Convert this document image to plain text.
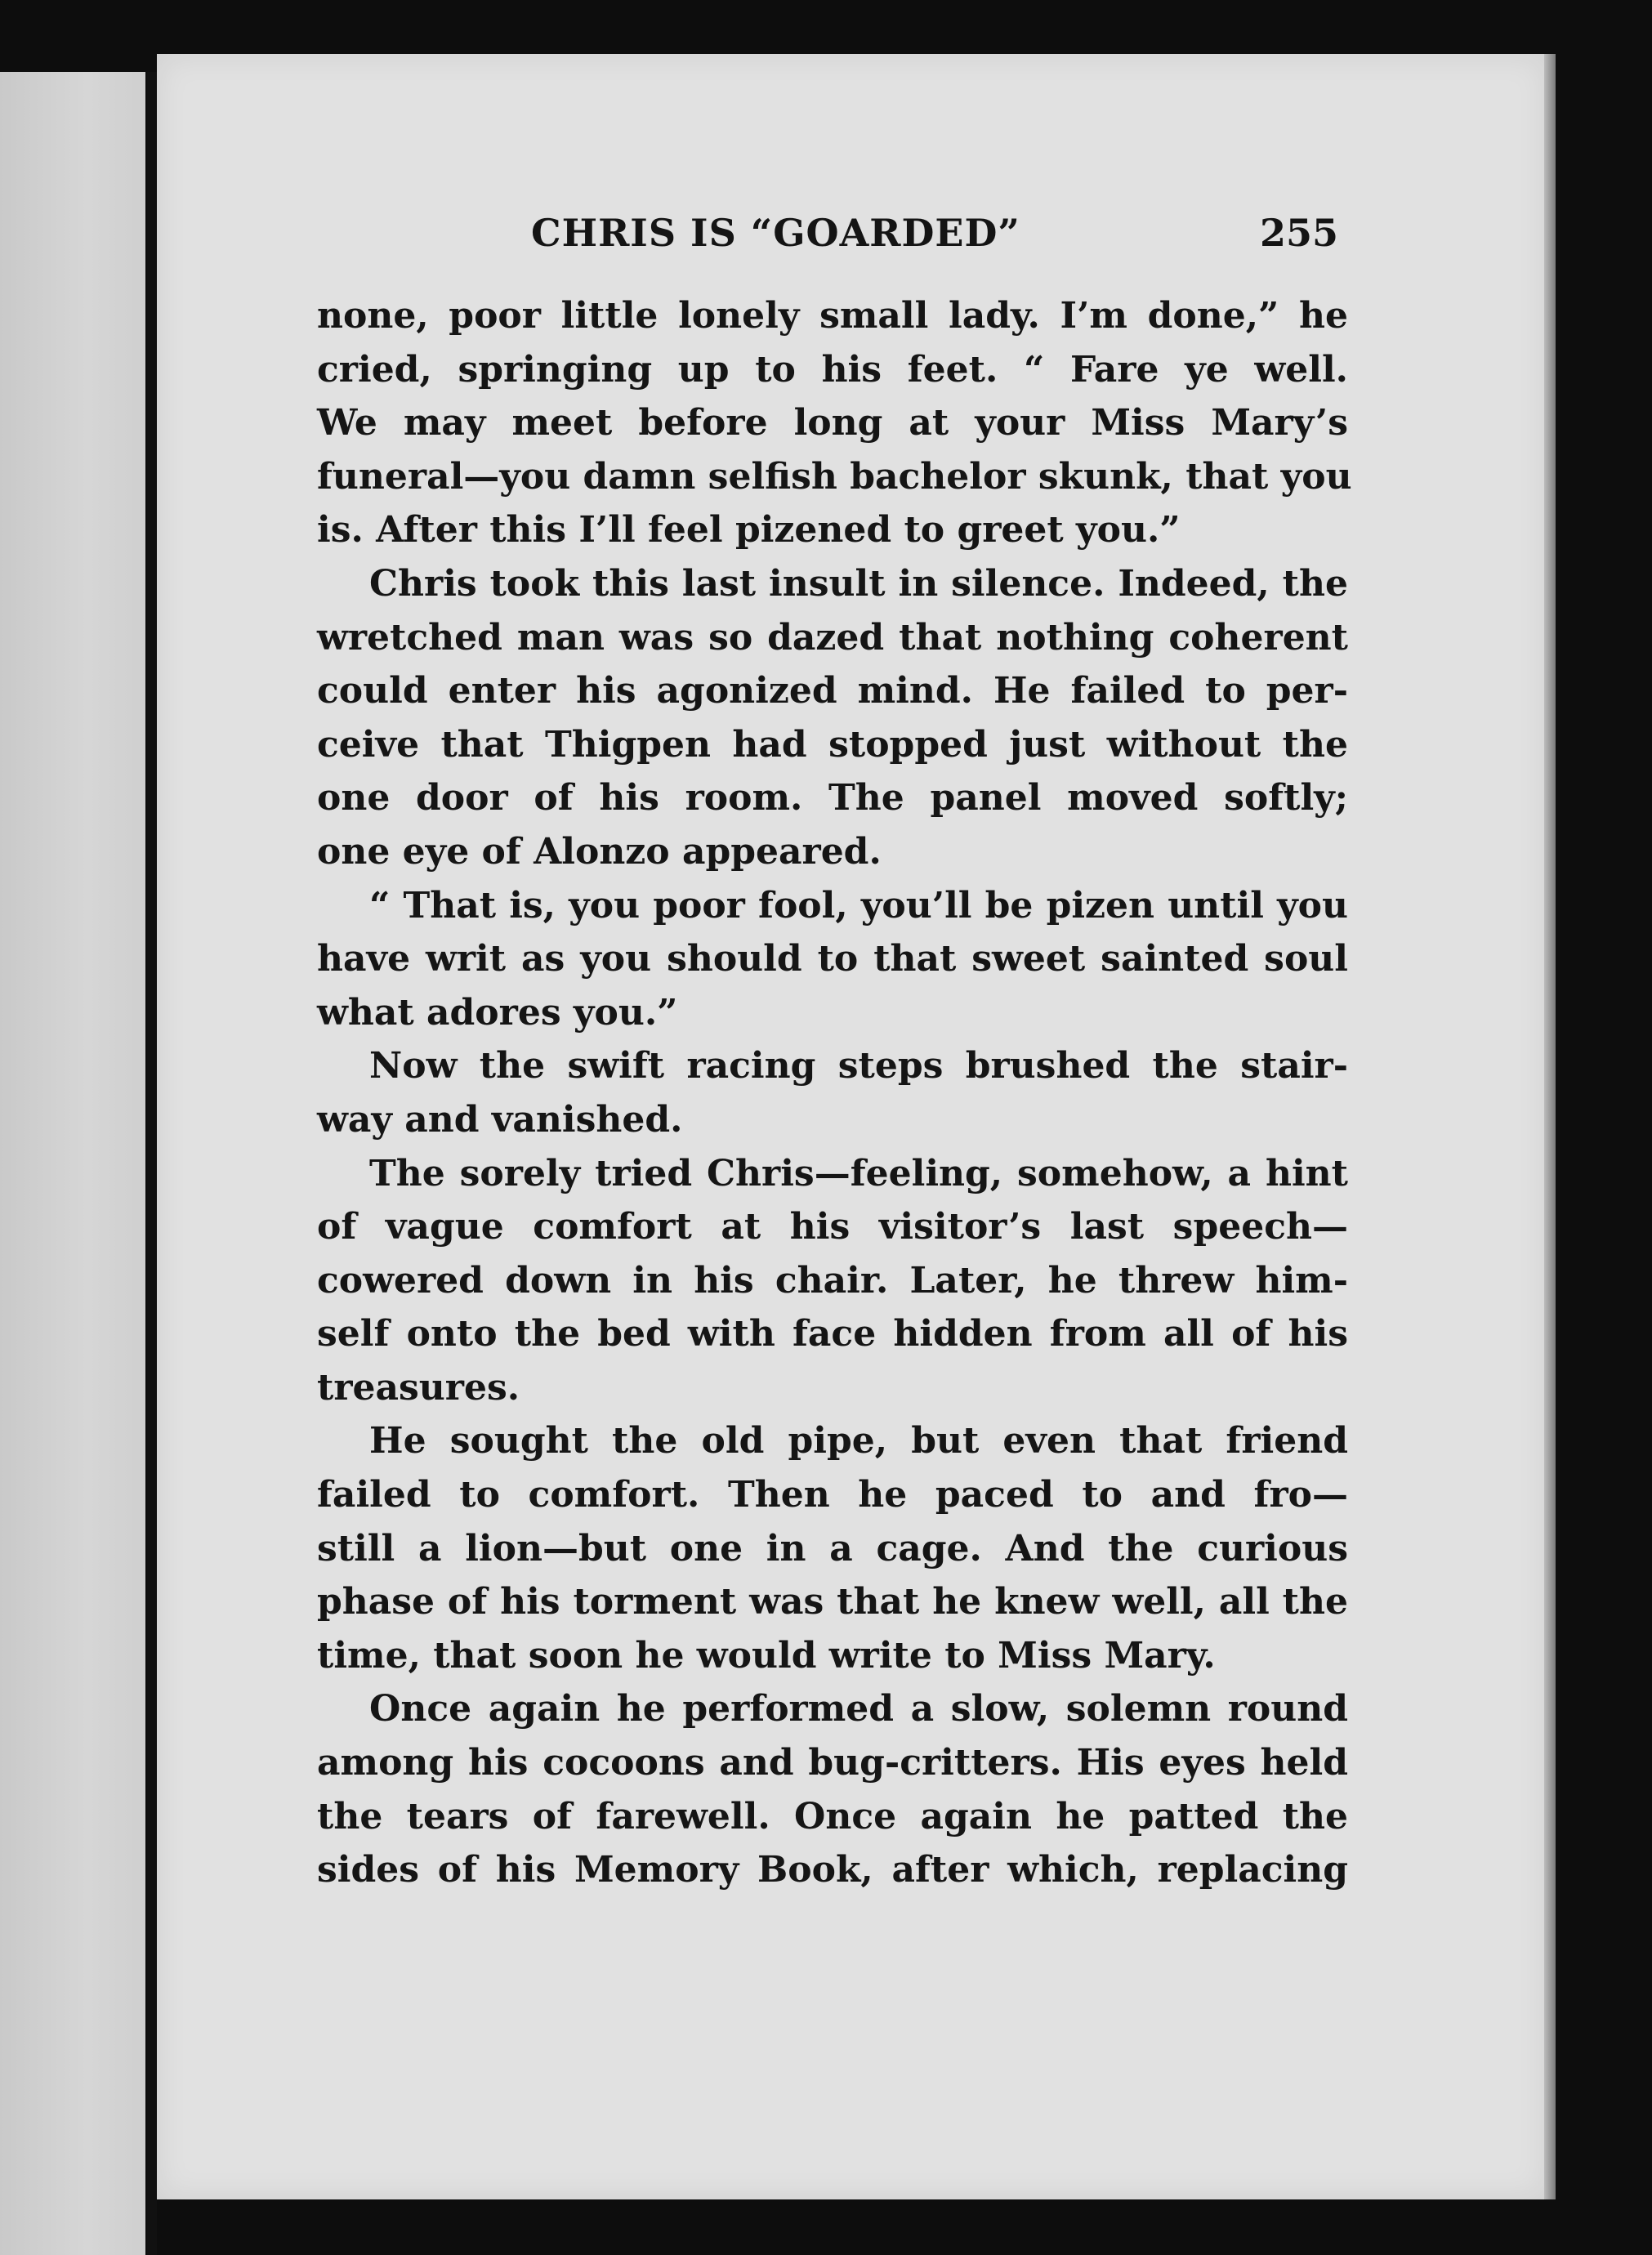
CHRIS IS “GOARDED”	255
none, poor little lonely small lady. I’m done,” he
cried, springing up to his feet. “ Fare ye well.
We may meet before long at your Miss Mary’s
funeral—you damn selfish bachelor skunk, that you
is. After this I’ll feel pizened to greet you.”
Chris took this last insult in silence. Indeed, the
wretched man was so dazed that nothing coherent
could enter his agonized mind. He failed to per-
ceive that Thigpen had stopped just without the
one door of his room. The panel moved softly;
one eye of Alonzo appeared.
“ That is, you poor fool, you’ll be pizen until you
have writ as you should to that sweet sainted soul
what adores you.”
Now the swift racing steps brushed the stair-
way and vanished.
The sorely tried Chris—feeling, somehow, a hint
of vague comfort at his visitor’s last speech—
cowered down in his chair. Later, he threw him-
self onto the bed with face hidden from all of his
treasures.
He sought the old pipe, but even that friend
failed to comfort. Then he paced to and fro—
still a lion—but one in a cage. And the curious
phase of his torment was that he knew well, all the
time, that soon he would write to Miss Mary.
Once again he performed a slow, solemn round
among his cocoons and bug-critters. His eyes held
the tears of farewell. Once again he patted the
sides of his Memory Book, after which, replacing
